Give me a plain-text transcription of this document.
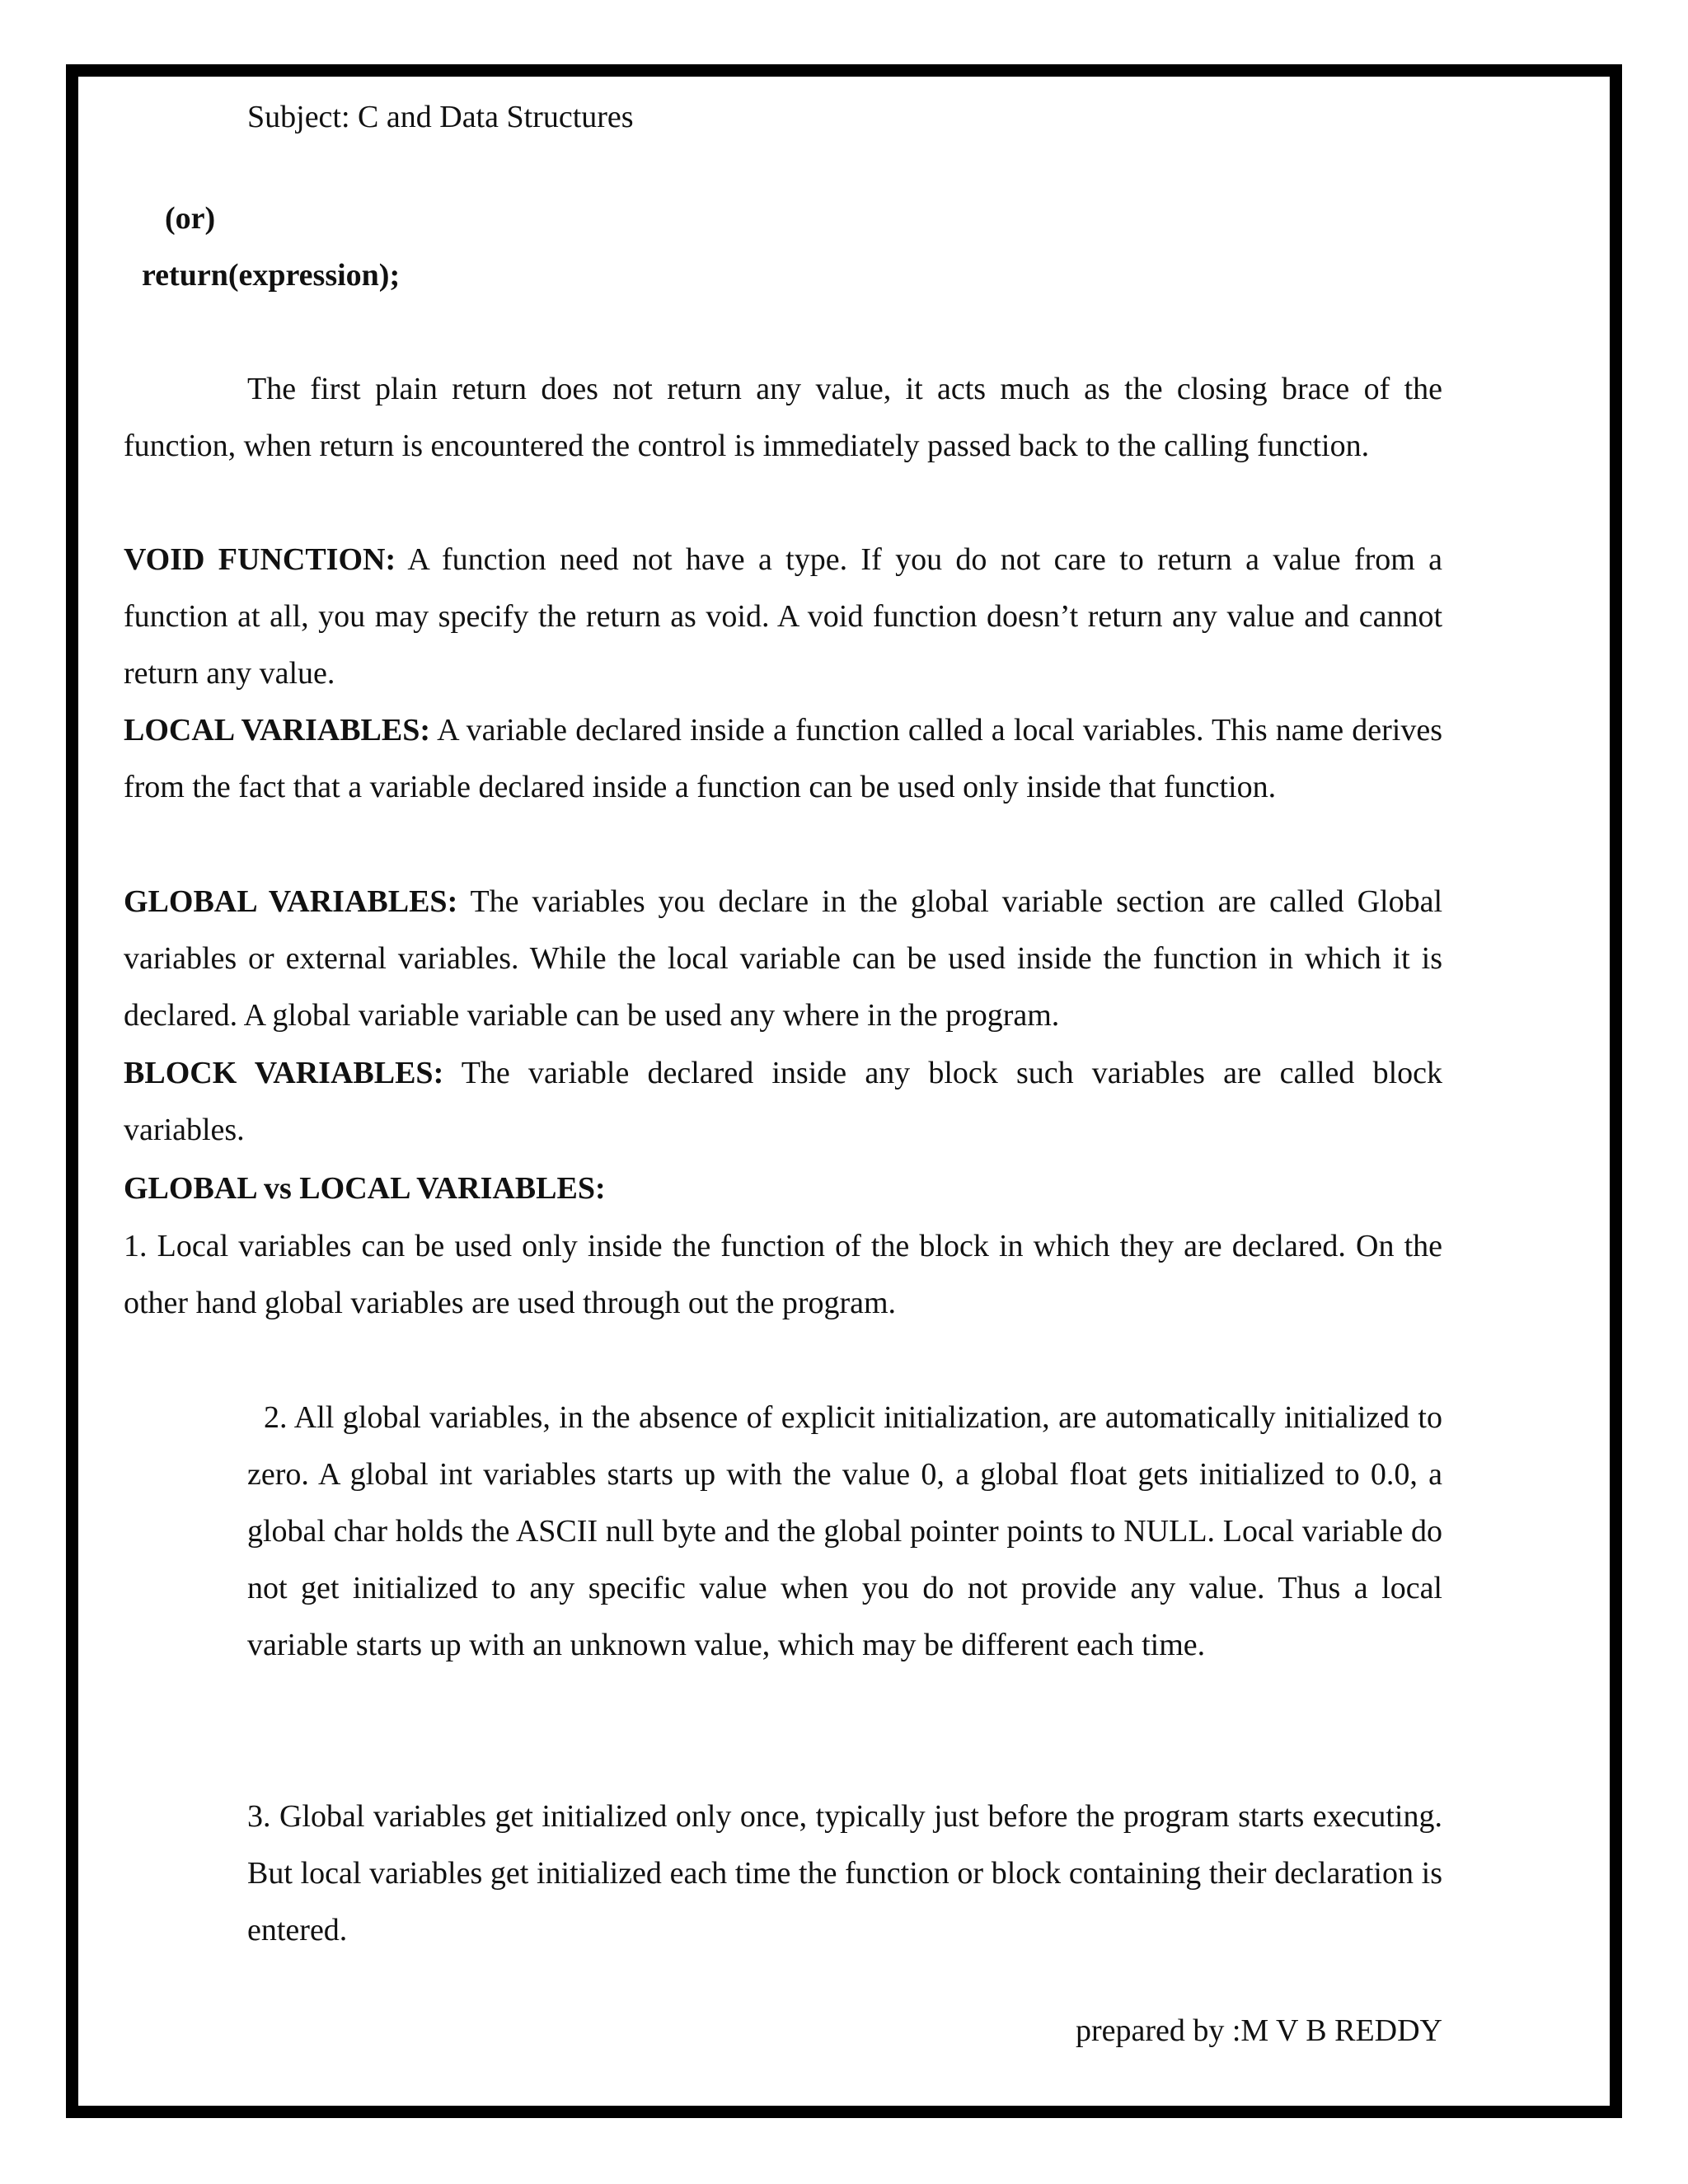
Subject: C and Data Structures
(or)
return(expression);
The first plain return does not return any value, it acts much as the closing brace of the function, when return is encountered the control is immediately passed back to the calling function.
VOID FUNCTION: A function need not have a type. If you do not care to return a value from a function at all, you may specify the return as void. A void function doesn’t return any value and cannot return any value.
LOCAL VARIABLES: A variable declared inside a function called a local variables. This name derives from the fact that a variable declared inside a function can be used only inside that function.
GLOBAL VARIABLES: The variables you declare in the global variable section are called Global variables or external variables. While the local variable can be used inside the function in which it is declared. A global variable variable can be used any where in the program.
BLOCK VARIABLES: The variable declared inside any block such variables are called block variables.
GLOBAL vs LOCAL VARIABLES:
1. Local variables can be used only inside the function of the block in which they are declared. On the other hand global variables are used through out the program.
2. All global variables, in the absence of explicit initialization, are automatically initialized to zero. A global int variables starts up with the value 0, a global float gets initialized to 0.0, a global char holds the ASCII null byte and the global pointer points to NULL. Local variable do not get initialized to any specific value when you do not provide any value. Thus a local variable starts up with an unknown value, which may be different each time.
3. Global variables get initialized only once, typically just before the program starts executing. But local variables get initialized each time the function or block containing their declaration is entered.
prepared by :M V B REDDY
